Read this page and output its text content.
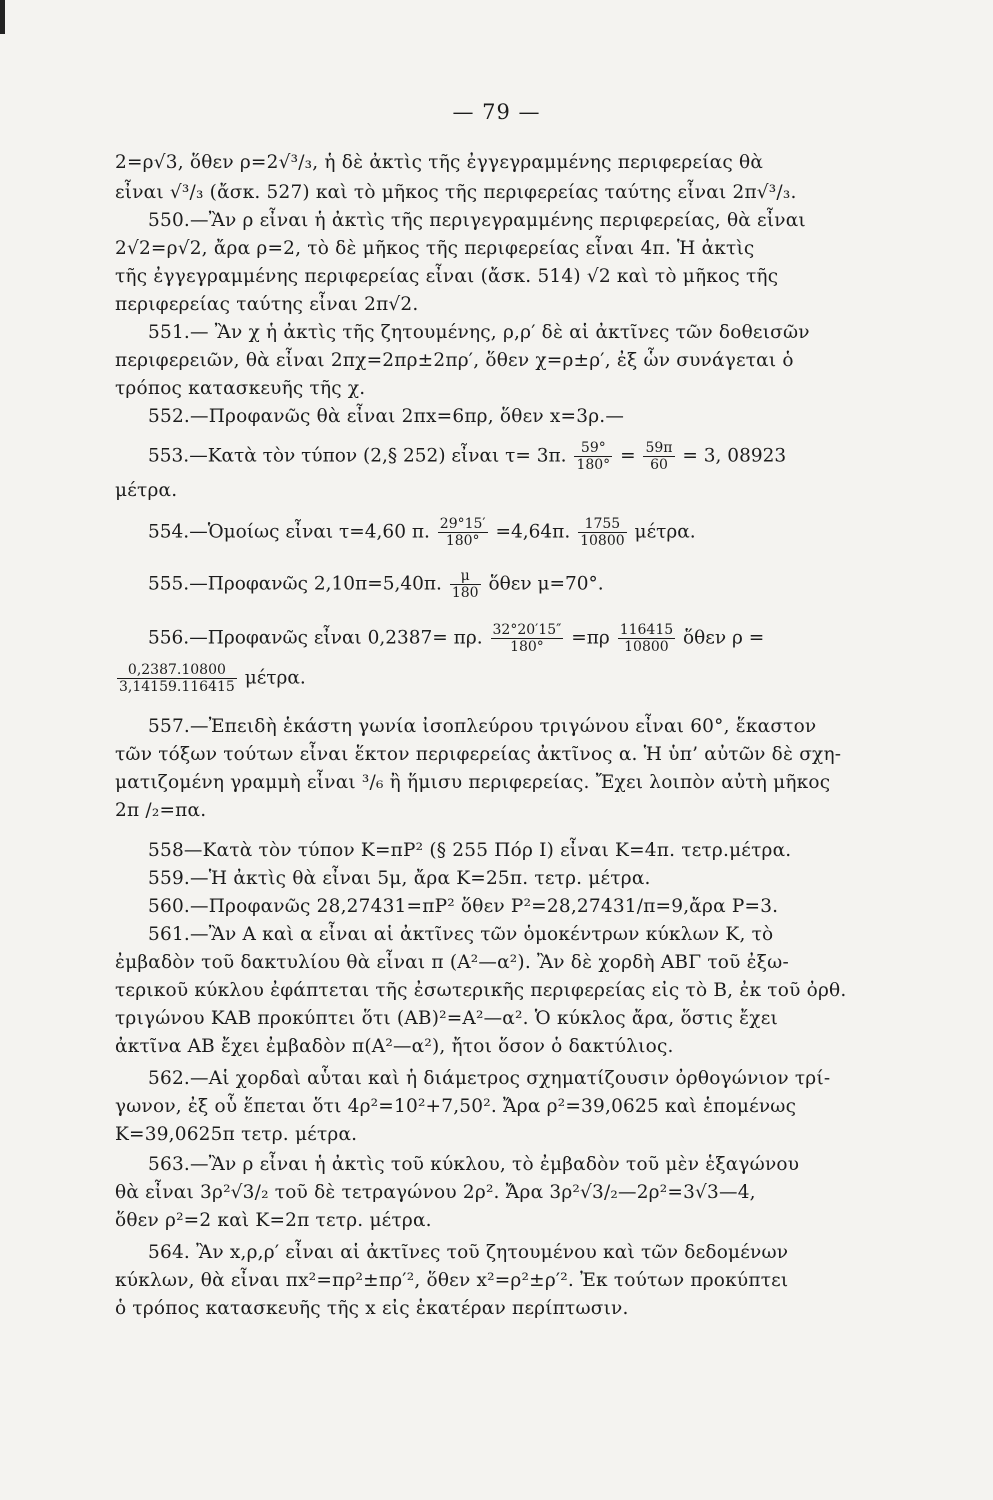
— 79 —
2=ρ√3, ὅθεν ρ=2√³/₃, ἡ δὲ ἀκτὶς τῆς ἐγγεγραμμένης περιφερείας θὰ
εἶναι √³/₃ (ἄσκ. 527) καὶ τὸ μῆκος τῆς περιφερείας ταύτης εἶναι 2π√³/₃.
550.—Ἂν ρ εἶναι ἡ ἀκτὶς τῆς περιγεγραμμένης περιφερείας, θὰ εἶναι
2√2=ρ√2, ἄρα ρ=2, τὸ δὲ μῆκος τῆς περιφερείας εἶναι 4π. Ἡ ἀκτὶς
τῆς ἐγγεγραμμένης περιφερείας εἶναι (ἄσκ. 514) √2 καὶ τὸ μῆκος τῆς
περιφερείας ταύτης εἶναι 2π√2.
551.— Ἂν χ ἡ ἀκτὶς τῆς ζητουμένης, ρ,ρ′ δὲ αἱ ἀκτῖνες τῶν δοθεισῶν
περιφερειῶν, θὰ εἶναι 2πχ=2πρ±2πρ′, ὅθεν χ=ρ±ρ′, ἐξ ὧν συνάγεται ὁ
τρόπος κατασκευῆς τῆς χ.
552.—Προφανῶς θὰ εἶναι 2πx=6πρ, ὅθεν x=3ρ.—
553.—Κατὰ τὸν τύπον (2,§ 252) εἶναι τ= 3π. $\frac{59^\circ}{180^\circ} = \frac{59\pi}{60} = 3$, 08923
μέτρα.
554.—Ὁμοίως εἶναι τ=4,60 π. $\frac{29^\circ 15'}{180^\circ} =4,64\pi$. $\frac{1755}{10800} \mu έ\tau\rho\alpha$.
555.—Προφανῶς 2,10π=5,40π. $\frac{\mu}{180}$ ὅθεν μ=70°.
556.—Προφανῶς εἶναι 0,2387= πρ. $\frac{32^\circ 20'15''}{180^\circ} =\pi\rho \frac{116415}{10800}$ ὅθεν ρ =
$\frac{0,2387.10800}{3,14159.116415} \mu έ\tau\rho\alpha$.
557.—Ἐπειδὴ ἑκάστη γωνία ἰσοπλεύρου τριγώνου εἶναι 60°, ἕκαστον
τῶν τόξων τούτων εἶναι ἕκτον περιφερείας ἀκτῖνος α. Ἡ ὑπ’ αὐτῶν δὲ σχη-
ματιζομένη γραμμὴ εἶναι ³/₆ ἢ ἥμισυ περιφερείας. Ἔχει λοιπὸν αὐτὴ μῆκος
2π /₂=πα.
558—Κατὰ τὸν τύπον K=πP² (§ 255 Πόρ I) εἶναι K=4π. τετρ.μέτρα.
559.—Ἡ ἀκτὶς θὰ εἶναι 5μ, ἄρα K=25π. τετρ. μέτρα.
560.—Προφανῶς 28,27431=πP² ὅθεν P²=28,27431/π=9,ἄρα P=3.
561.—Ἂν A καὶ α εἶναι αἱ ἀκτῖνες τῶν ὁμοκέντρων κύκλων K, τὸ
ἐμβαδὸν τοῦ δακτυλίου θὰ εἶναι π (A²—α²). Ἂν δὲ χορδὴ ΑΒΓ τοῦ ἐξω-
τερικοῦ κύκλου ἐφάπτεται τῆς ἐσωτερικῆς περιφερείας εἰς τὸ B, ἐκ τοῦ ὀρθ.
τριγώνου KAB προκύπτει ὅτι (AB)²=A²—α². Ὁ κύκλος ἄρα, ὅστις ἔχει
ἀκτῖνα AB ἔχει ἐμβαδὸν π(A²—α²), ἤτοι ὅσον ὁ δακτύλιος.
562.—Αἱ χορδαὶ αὗται καὶ ἡ διάμετρος σχηματίζουσιν ὀρθογώνιον τρί-
γωνον, ἐξ οὗ ἕπεται ὅτι 4ρ²=10²+7,50². Ἄρα ρ²=39,0625 καὶ ἑπομένως
K=39,0625π τετρ. μέτρα.
563.—Ἂν ρ εἶναι ἡ ἀκτὶς τοῦ κύκλου, τὸ ἐμβαδὸν τοῦ μὲν ἑξαγώνου
θὰ εἶναι 3ρ²√3/₂ τοῦ δὲ τετραγώνου 2ρ². Ἄρα 3ρ²√3/₂—2ρ²=3√3—4,
ὅθεν ρ²=2 καὶ K=2π τετρ. μέτρα.
564. Ἂν x,ρ,ρ′ εἶναι αἱ ἀκτῖνες τοῦ ζητουμένου καὶ τῶν δεδομένων
κύκλων, θὰ εἶναι πx²=πρ²±πρ′², ὅθεν x²=ρ²±ρ′². Ἐκ τούτων προκύπτει
ὁ τρόπος κατασκευῆς τῆς x εἰς ἑκατέραν περίπτωσιν.
